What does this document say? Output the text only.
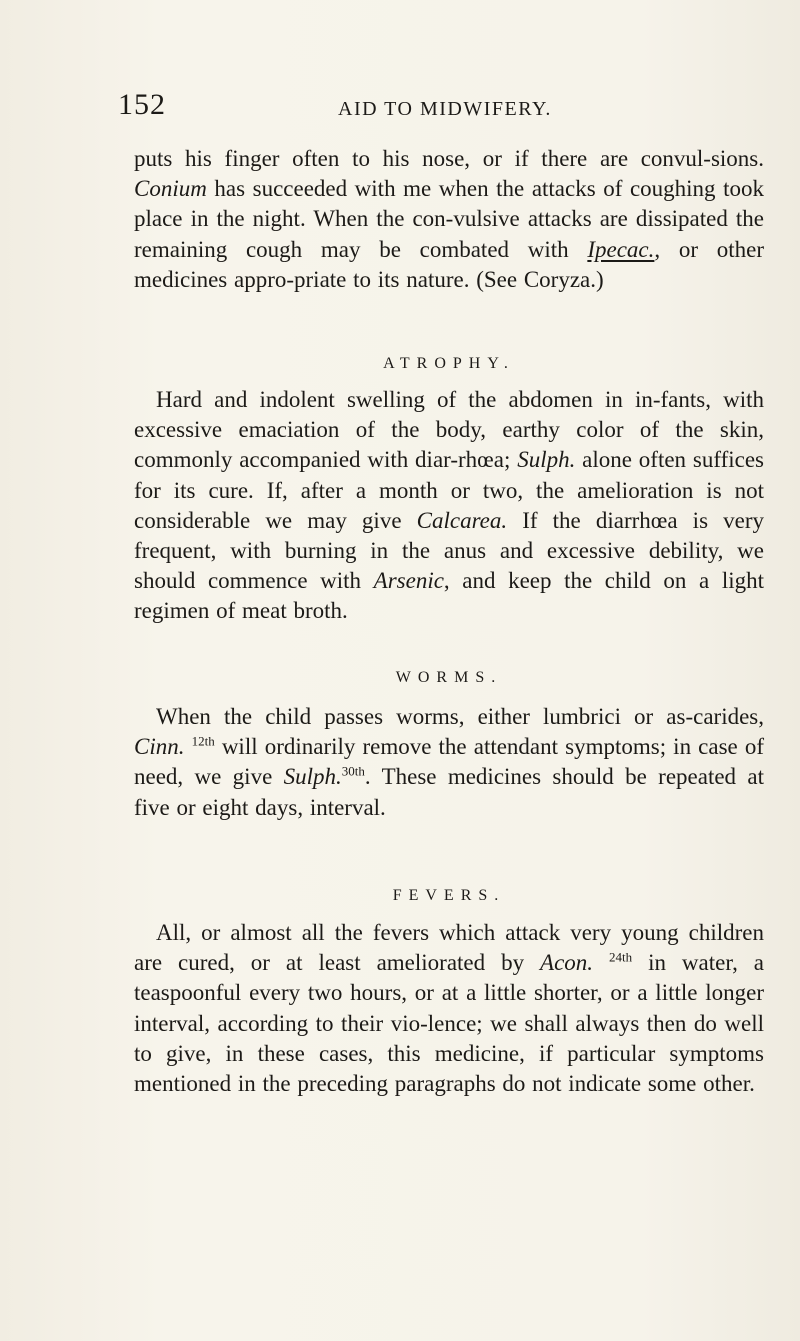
152	AID TO MIDWIFERY.

puts his finger often to his nose, or if there are convul-sions. Conium has succeeded with me when the attacks of coughing took place in the night. When the con-vulsive attacks are dissipated the remaining cough may be combated with Ipecac., or other medicines appro-priate to its nature. (See Coryza.)

ATROPHY.

Hard and indolent swelling of the abdomen in in-fants, with excessive emaciation of the body, earthy color of the skin, commonly accompanied with diar-rhœa; Sulph. alone often suffices for its cure. If, after a month or two, the amelioration is not considerable we may give Calcarea. If the diarrhœa is very frequent, with burning in the anus and excessive debility, we should commence with Arsenic, and keep the child on a light regimen of meat broth.

WORMS.

When the child passes worms, either lumbrici or as-carides, Cinn. $^{12th}$ will ordinarily remove the attendant symptoms; in case of need, we give Sulph.$^{30th}$. These medicines should be repeated at five or eight days, interval.

FEVERS.

All, or almost all the fevers which attack very young children are cured, or at least ameliorated by Acon. $^{24th}$ in water, a teaspoonful every two hours, or at a little shorter, or a little longer interval, according to their vio-lence; we shall always then do well to give, in these cases, this medicine, if particular symptoms mentioned in the preceding paragraphs do not indicate some other.
